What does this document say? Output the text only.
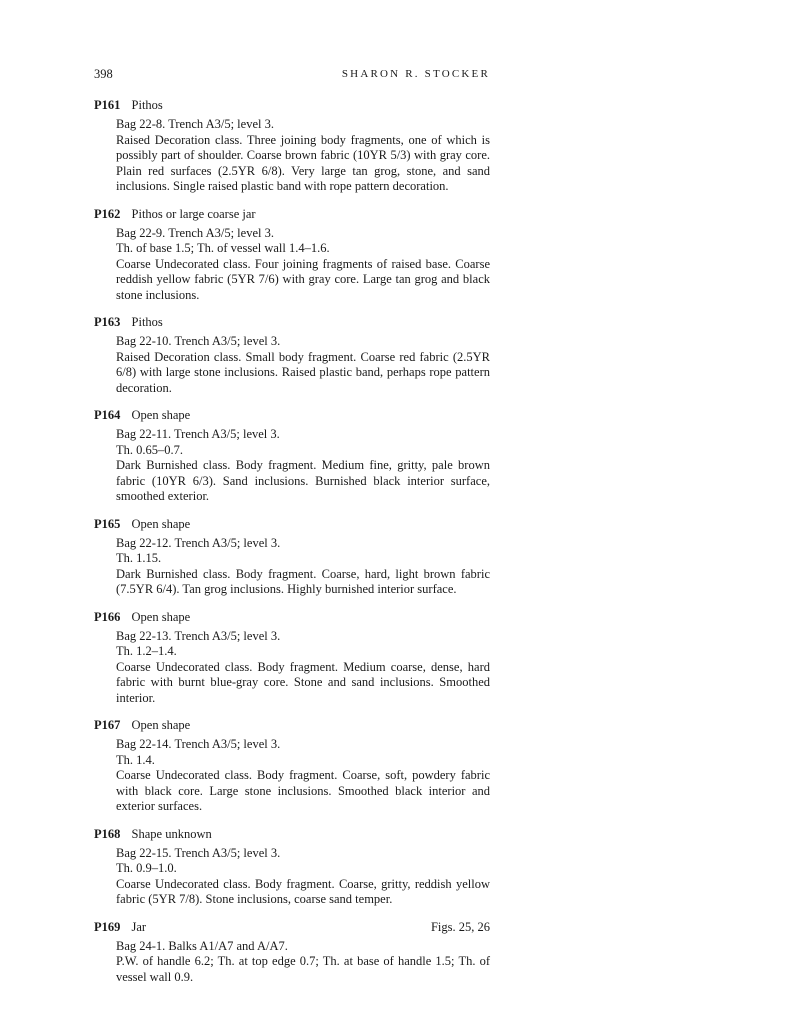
398	SHARON R. STOCKER
P161 Pithos
Bag 22-8. Trench A3/5; level 3.
Raised Decoration class. Three joining body fragments, one of which is possibly part of shoulder. Coarse brown fabric (10YR 5/3) with gray core. Plain red surfaces (2.5YR 6/8). Very large tan grog, stone, and sand inclusions. Single raised plastic band with rope pattern decoration.
P162 Pithos or large coarse jar
Bag 22-9. Trench A3/5; level 3.
Th. of base 1.5; Th. of vessel wall 1.4–1.6.
Coarse Undecorated class. Four joining fragments of raised base. Coarse reddish yellow fabric (5YR 7/6) with gray core. Large tan grog and black stone inclusions.
P163 Pithos
Bag 22-10. Trench A3/5; level 3.
Raised Decoration class. Small body fragment. Coarse red fabric (2.5YR 6/8) with large stone inclusions. Raised plastic band, perhaps rope pattern decoration.
P164 Open shape
Bag 22-11. Trench A3/5; level 3.
Th. 0.65–0.7.
Dark Burnished class. Body fragment. Medium fine, gritty, pale brown fabric (10YR 6/3). Sand inclusions. Burnished black interior surface, smoothed exterior.
P165 Open shape
Bag 22-12. Trench A3/5; level 3.
Th. 1.15.
Dark Burnished class. Body fragment. Coarse, hard, light brown fabric (7.5YR 6/4). Tan grog inclusions. Highly burnished interior surface.
P166 Open shape
Bag 22-13. Trench A3/5; level 3.
Th. 1.2–1.4.
Coarse Undecorated class. Body fragment. Medium coarse, dense, hard fabric with burnt blue-gray core. Stone and sand inclusions. Smoothed interior.
P167 Open shape
Bag 22-14. Trench A3/5; level 3.
Th. 1.4.
Coarse Undecorated class. Body fragment. Coarse, soft, powdery fabric with black core. Large stone inclusions. Smoothed black interior and exterior surfaces.
P168 Shape unknown
Bag 22-15. Trench A3/5; level 3.
Th. 0.9–1.0.
Coarse Undecorated class. Body fragment. Coarse, gritty, reddish yellow fabric (5YR 7/8). Stone inclusions, coarse sand temper.
P169 Jar	Figs. 25, 26
Bag 24-1. Balks A1/A7 and A/A7.
P.W. of handle 6.2; Th. at top edge 0.7; Th. at base of handle 1.5; Th. of vessel wall 0.9.
